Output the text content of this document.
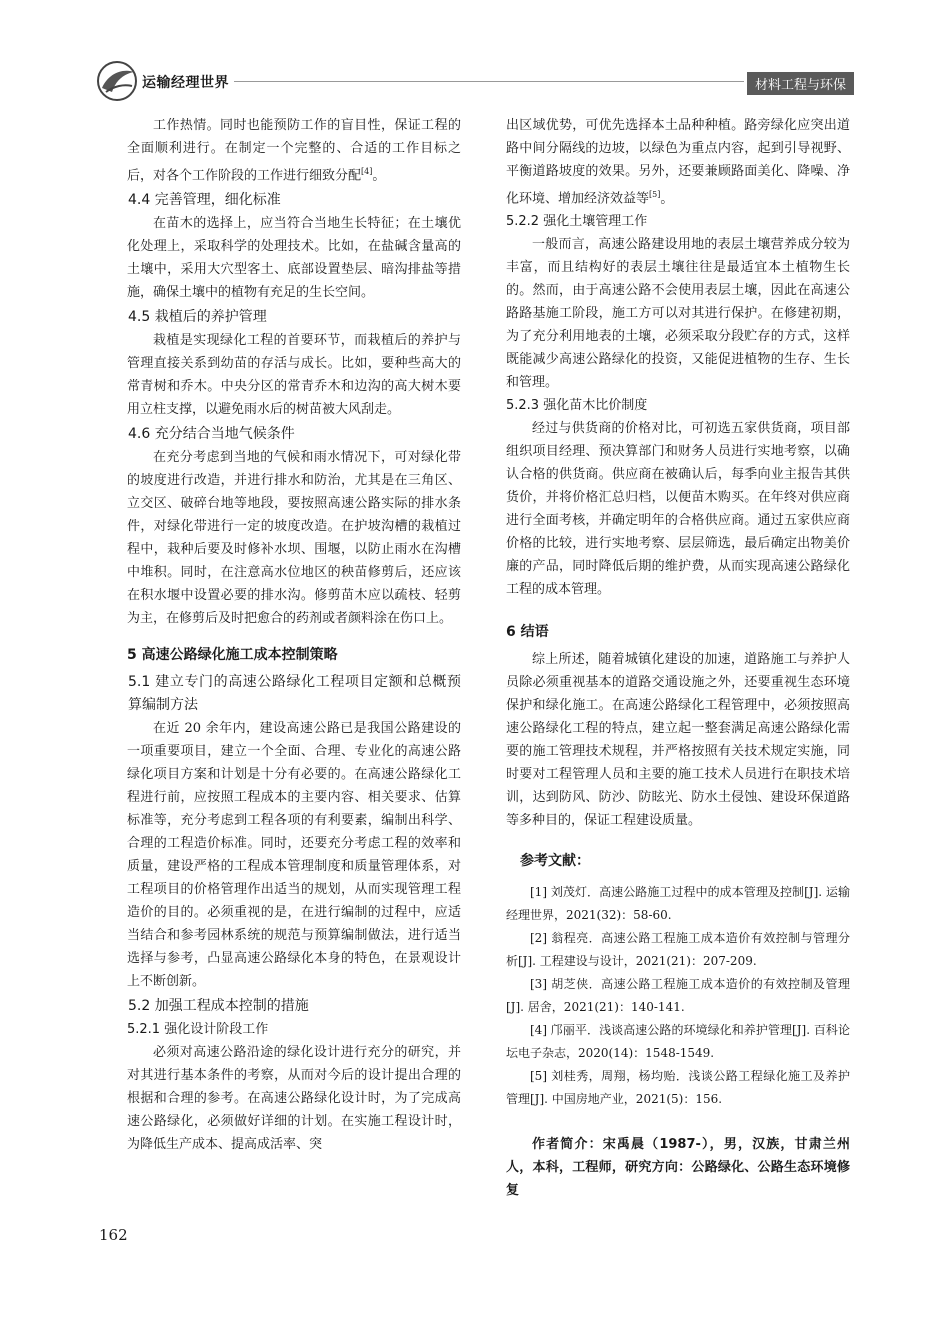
运输经理世界	材料工程与环保

工作热情。同时也能预防工作的盲目性，保证工程的全面顺利进行。在制定一个完整的、合适的工作目标之后，对各个工作阶段的工作进行细致分配[4]。

4.4 完善管理，细化标准

在苗木的选择上，应当符合当地生长特征；在土壤优化处理上，采取科学的处理技术。比如，在盐碱含量高的土壤中，采用大穴型客土、底部设置垫层、暗沟排盐等措施，确保土壤中的植物有充足的生长空间。

4.5 栽植后的养护管理

栽植是实现绿化工程的首要环节，而栽植后的养护与管理直接关系到幼苗的存活与成长。比如，要种些高大的常青树和乔木。中央分区的常青乔木和边沟的高大树木要用立柱支撑，以避免雨水后的树苗被大风刮走。

4.6 充分结合当地气候条件

在充分考虑到当地的气候和雨水情况下，可对绿化带的坡度进行改造，并进行排水和防治，尤其是在三角区、立交区、破碎台地等地段，要按照高速公路实际的排水条件，对绿化带进行一定的坡度改造。在护坡沟槽的栽植过程中，栽种后要及时修补水坝、围堰，以防止雨水在沟槽中堆积。同时，在注意高水位地区的秧苗修剪后，还应该在积水堰中设置必要的排水沟。修剪苗木应以疏枝、轻剪为主，在修剪后及时把愈合的药剂或者颜料涂在伤口上。

5 高速公路绿化施工成本控制策略
5.1 建立专门的高速公路绿化工程项目定额和总概预算编制方法

在近 20 余年内，建设高速公路已是我国公路建设的一项重要项目，建立一个全面、合理、专业化的高速公路绿化项目方案和计划是十分有必要的。在高速公路绿化工程进行前，应按照工程成本的主要内容、相关要求、估算标准等，充分考虑到工程各项的有利要素，编制出科学、合理的工程造价标准。同时，还要充分考虑工程的效率和质量，建设严格的工程成本管理制度和质量管理体系，对工程项目的价格管理作出适当的规划，从而实现管理工程造价的目的。必须重视的是，在进行编制的过程中，应适当结合和参考园林系统的规范与预算编制做法，进行适当选择与参考，凸显高速公路绿化本身的特色，在景观设计上不断创新。

5.2 加强工程成本控制的措施
5.2.1 强化设计阶段工作

必须对高速公路沿途的绿化设计进行充分的研究，并对其进行基本条件的考察，从而对今后的设计提出合理的根据和合理的参考。在高速公路绿化设计时，为了完成高速公路绿化，必须做好详细的计划。在实施工程设计时，为降低生产成本、提高成活率、突

出区域优势，可优先选择本土品种种植。路旁绿化应突出道路中间分隔线的边坡，以绿色为重点内容，起到引导视野、平衡道路坡度的效果。另外，还要兼顾路面美化、降噪、净化环境、增加经济效益等[5]。

5.2.2 强化土壤管理工作

一般而言，高速公路建设用地的表层土壤营养成分较为丰富，而且结构好的表层土壤往往是最适宜本土植物生长的。然而，由于高速公路不会使用表层土壤，因此在高速公路路基施工阶段，施工方可以对其进行保护。在修建初期，为了充分利用地表的土壤，必须采取分段贮存的方式，这样既能减少高速公路绿化的投资，又能促进植物的生存、生长和管理。

5.2.3 强化苗木比价制度

经过与供货商的价格对比，可初选五家供货商，项目部组织项目经理、预决算部门和财务人员进行实地考察，以确认合格的供货商。供应商在被确认后，每季向业主报告其供货价，并将价格汇总归档，以便苗木购买。在年终对供应商进行全面考核，并确定明年的合格供应商。通过五家供应商价格的比较，进行实地考察、层层筛选，最后确定出物美价廉的产品，同时降低后期的维护费，从而实现高速公路绿化工程的成本管理。

6 结语

综上所述，随着城镇化建设的加速，道路施工与养护人员除必须重视基本的道路交通设施之外，还要重视生态环境保护和绿化施工。在高速公路绿化工程管理中，必须按照高速公路绿化工程的特点，建立起一整套满足高速公路绿化需要的施工管理技术规程，并严格按照有关技术规定实施，同时要对工程管理人员和主要的施工技术人员进行在职技术培训，达到防风、防沙、防眩光、防水土侵蚀、建设环保道路等多种目的，保证工程建设质量。

参考文献：

[1] 刘茂灯．高速公路施工过程中的成本管理及控制[J]. 运输经理世界，2021(32)：58-60.

[2] 翁程亮．高速公路工程施工成本造价有效控制与管理分析[J]. 工程建设与设计，2021(21)：207-209.

[3] 胡芝侠．高速公路工程施工成本造价的有效控制及管理[J]. 居舍，2021(21)：140-141.

[4] 邝丽平．浅谈高速公路的环境绿化和养护管理[J]. 百科论坛电子杂志，2020(14)：1548-1549.

[5] 刘桂秀，周翔，杨均贻．浅谈公路工程绿化施工及养护管理[J]. 中国房地产业，2021(5)：156.

作者简介：宋禹晨（1987-），男，汉族，甘肃兰州人，本科，工程师，研究方向：公路绿化、公路生态环境修复
162
